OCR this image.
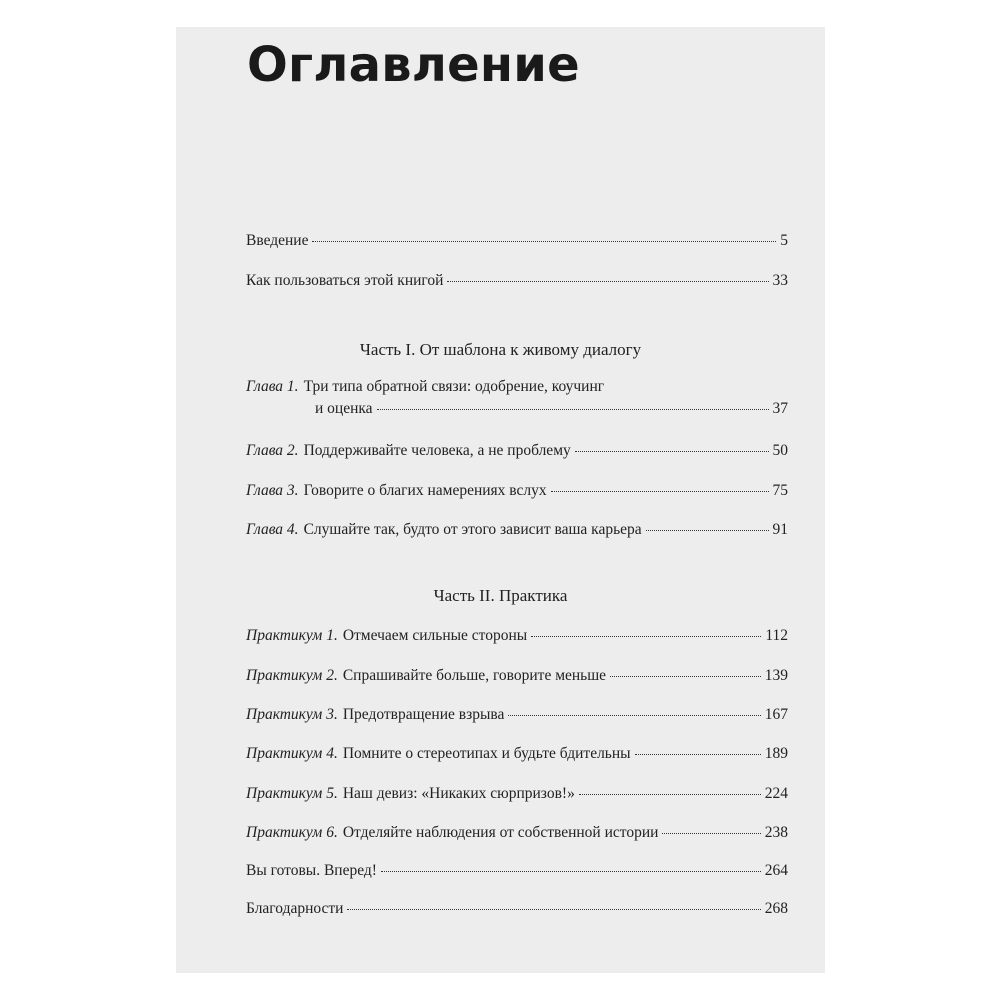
Оглавление
Введение	5
Как пользоваться этой книгой	33
Часть I. От шаблона к живому диалогу
Глава 1. Три типа обратной связи: одобрение, коучинг
и оценка	37
Глава 2. Поддерживайте человека, а не проблему	50
Глава 3. Говорите о благих намерениях вслух	75
Глава 4. Слушайте так, будто от этого зависит ваша карьера	91
Часть II. Практика
Практикум 1. Отмечаем сильные стороны	112
Практикум 2. Спрашивайте больше, говорите меньше	139
Практикум 3. Предотвращение взрыва	167
Практикум 4. Помните о стереотипах и будьте бдительны	189
Практикум 5. Наш девиз: «Никаких сюрпризов!»	224
Практикум 6. Отделяйте наблюдения от собственной истории	238
Вы готовы. Вперед!	264
Благодарности	268
